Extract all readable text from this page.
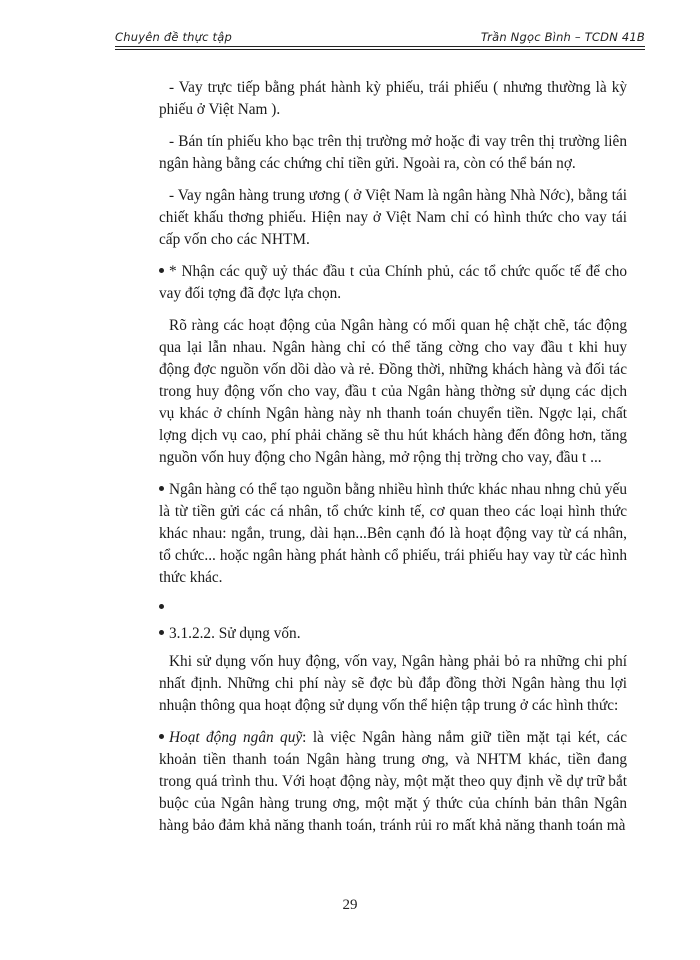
Chuyên đề thực tập	Trần Ngọc Bình – TCDN 41B

- Vay trực tiếp bằng phát hành kỳ phiếu, trái phiếu ( nhưng thường là kỳ phiếu ở Việt Nam ).

- Bán tín phiếu kho bạc trên thị trường mở hoặc đi vay trên thị trường liên ngân hàng bằng các chứng chỉ tiền gửi. Ngoài ra, còn có thể bán nợ.

- Vay ngân hàng trung ương ( ở Việt Nam là ngân hàng Nhà Nớc), bằng tái chiết khấu thơng phiếu. Hiện nay ở Việt Nam chỉ có hình thức cho vay tái cấp vốn cho các NHTM.

* Nhận các quỹ uỷ thác đầu t của Chính phủ, các tổ chức quốc tế để cho vay đối tợng đã đợc lựa chọn.

Rõ ràng các hoạt động của Ngân hàng có mối quan hệ chặt chẽ, tác động qua lại lẫn nhau. Ngân hàng chỉ có thể tăng cờng cho vay đầu t khi huy động đợc nguồn vốn dồi dào và rẻ. Đồng thời, những khách hàng và đối tác trong huy động vốn cho vay, đầu t của Ngân hàng thờng sử dụng các dịch vụ khác ở chính Ngân hàng này nh thanh toán chuyển tiền. Ngợc lại, chất lợng dịch vụ cao, phí phải chăng sẽ thu hút khách hàng đến đông hơn, tăng nguồn vốn huy động cho Ngân hàng, mở rộng thị trờng cho vay, đầu t ...

Ngân hàng có thể tạo nguồn bằng nhiều hình thức khác nhau nhng chủ yếu là từ tiền gửi các cá nhân, tổ chức kinh tế, cơ quan theo các loại hình thức khác nhau: ngắn, trung, dài hạn...Bên cạnh đó là hoạt động vay từ cá nhân, tổ chức... hoặc ngân hàng phát hành cổ phiếu, trái phiếu hay vay từ các hình thức khác.

3.1.2.2. Sử dụng vốn.

Khi sử dụng vốn huy động, vốn vay, Ngân hàng phải bỏ ra những chi phí nhất định. Những chi phí này sẽ đợc bù đắp đồng thời Ngân hàng thu lợi nhuận thông qua hoạt động sử dụng vốn thể hiện tập trung ở các hình thức:

Hoạt động ngân quỹ: là việc Ngân hàng nắm giữ tiền mặt tại két, các khoản tiền thanh toán Ngân hàng trung ơng, và NHTM khác, tiền đang trong quá trình thu. Với hoạt động này, một mặt theo quy định về dự trữ bắt buộc của Ngân hàng trung ơng, một mặt ý thức của chính bản thân Ngân hàng bảo đảm khả năng thanh toán, tránh rủi ro mất khả năng thanh toán mà

29
